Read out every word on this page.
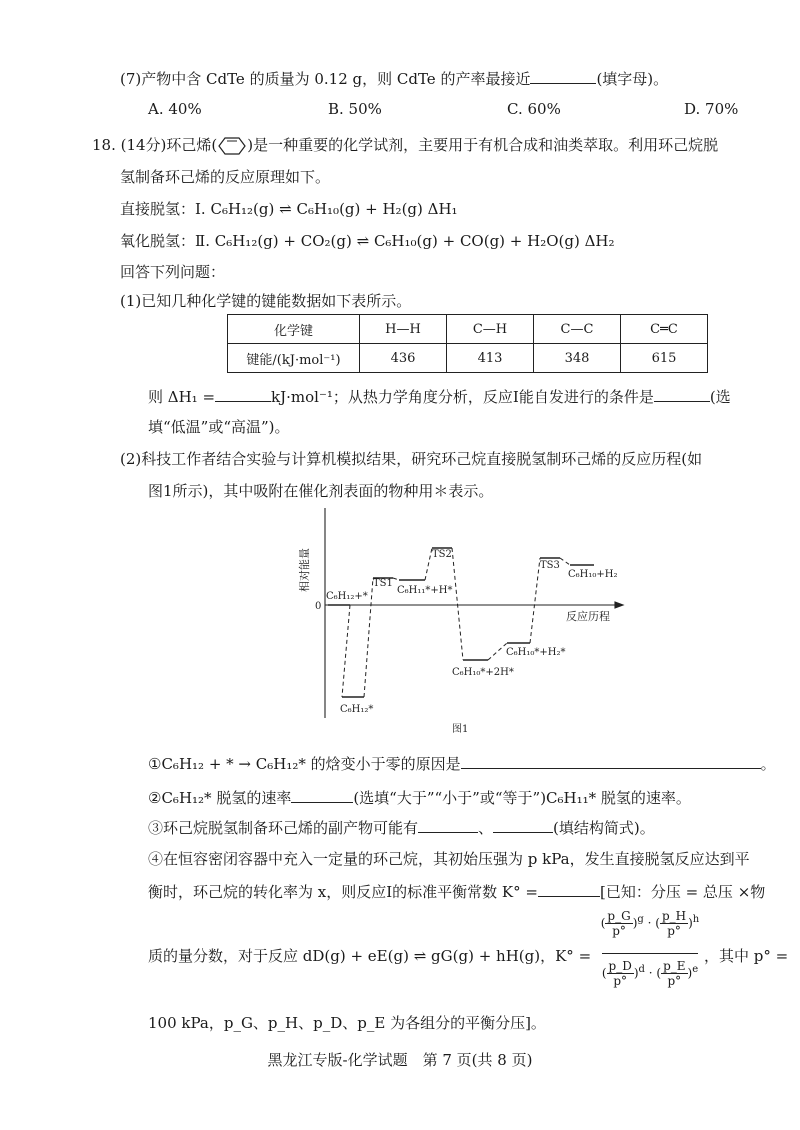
(7)产物中含 CdTe 的质量为 0.12 g，则 CdTe 的产率最接近	(填字母)。
A. 40%	B. 50%	C. 60%	D. 70%
18. (14分)环己烯( )是一种重要的化学试剂，主要用于有机合成和油类萃取。利用环己烷脱
氢制备环己烯的反应原理如下。
直接脱氢：Ⅰ. C₆H₁₂(g) ⇌ C₆H₁₀(g) + H₂(g) ΔH₁
氧化脱氢：Ⅱ. C₆H₁₂(g) + CO₂(g) ⇌ C₆H₁₀(g) + CO(g) + H₂O(g) ΔH₂
回答下列问题：
(1)已知几种化学键的键能数据如下表所示。
化学键	H—H	C—H	C—C	C═C
键能/(kJ·mol⁻¹)	436	413	348	615
则 ΔH₁ =	kJ·mol⁻¹；从热力学角度分析，反应Ⅰ能自发进行的条件是	(选
填“低温”或“高温”)。
(2)科技工作者结合实验与计算机模拟结果，研究环己烷直接脱氢制环己烯的反应历程(如
图1所示)，其中吸附在催化剂表面的物种用＊表示。
相对能量
0
反应历程
C₆H₁₂+*
C₆H₁₂*
TS1
C₆H₁₁*+H*
TS2
C₆H₁₀*+2H*
C₆H₁₀*+H₂*
TS3
C₆H₁₀+H₂
图1
①C₆H₁₂ + * → C₆H₁₂* 的焓变小于零的原因是	。
②C₆H₁₂* 脱氢的速率	(选填“大于”“小于”或“等于”)C₆H₁₁* 脱氢的速率。
③环己烷脱氢制备环己烯的副产物可能有	、	(填结构简式)。
④在恒容密闭容器中充入一定量的环己烷，其初始压强为 p kPa，发生直接脱氢反应达到平
衡时，环己烷的转化率为 x，则反应Ⅰ的标准平衡常数 K° =	[已知：分压 = 总压 ×物
质的量分数，对于反应 dD(g) + eE(g) ⇌ gG(g) + hH(g)，K° =
( $\frac{p\_G}{p^\circ} )^g$ · ( $\frac{p\_H}{p^\circ} )^h$
( $\frac{p\_D}{p^\circ} )^d$ · ( $\frac{p\_E}{p^\circ} )^e$
，其中 p° =
100 kPa，p_G、p_H、p_D、p_E 为各组分的平衡分压]。
黑龙江专版-化学试题　第 7 页(共 8 页)
